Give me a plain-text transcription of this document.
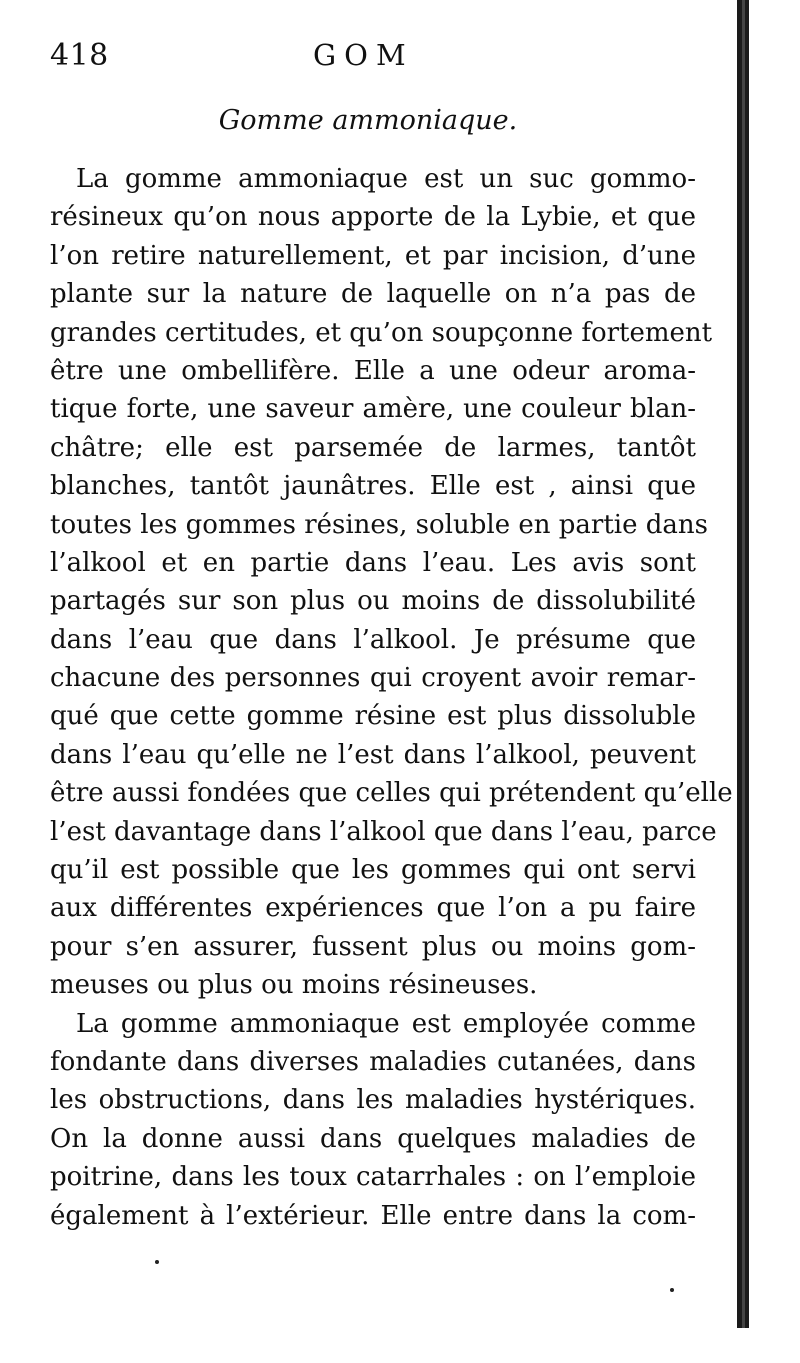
418	GOM
Gomme ammoniaque.
La gomme ammoniaque est un suc gommo-
résineux qu’on nous apporte de la Lybie, et que
l’on retire naturellement, et par incision, d’une
plante sur la nature de laquelle on n’a pas de
grandes certitudes, et qu’on soupçonne fortement
être une ombellifère. Elle a une odeur aroma-
tique forte, une saveur amère, une couleur blan-
châtre; elle est parsemée de larmes, tantôt
blanches, tantôt jaunâtres. Elle est , ainsi que
toutes les gommes résines, soluble en partie dans
l’alkool et en partie dans l’eau. Les avis sont
partagés sur son plus ou moins de dissolubilité
dans l’eau que dans l’alkool. Je présume que
chacune des personnes qui croyent avoir remar-
qué que cette gomme résine est plus dissoluble
dans l’eau qu’elle ne l’est dans l’alkool, peuvent
être aussi fondées que celles qui prétendent qu’elle
l’est davantage dans l’alkool que dans l’eau, parce
qu’il est possible que les gommes qui ont servi
aux différentes expériences que l’on a pu faire
pour s’en assurer, fussent plus ou moins gom-
meuses ou plus ou moins résineuses.
La gomme ammoniaque est employée comme
fondante dans diverses maladies cutanées, dans
les obstructions, dans les maladies hystériques.
On la donne aussi dans quelques maladies de
poitrine, dans les toux catarrhales : on l’emploie
également à l’extérieur. Elle entre dans la com-
